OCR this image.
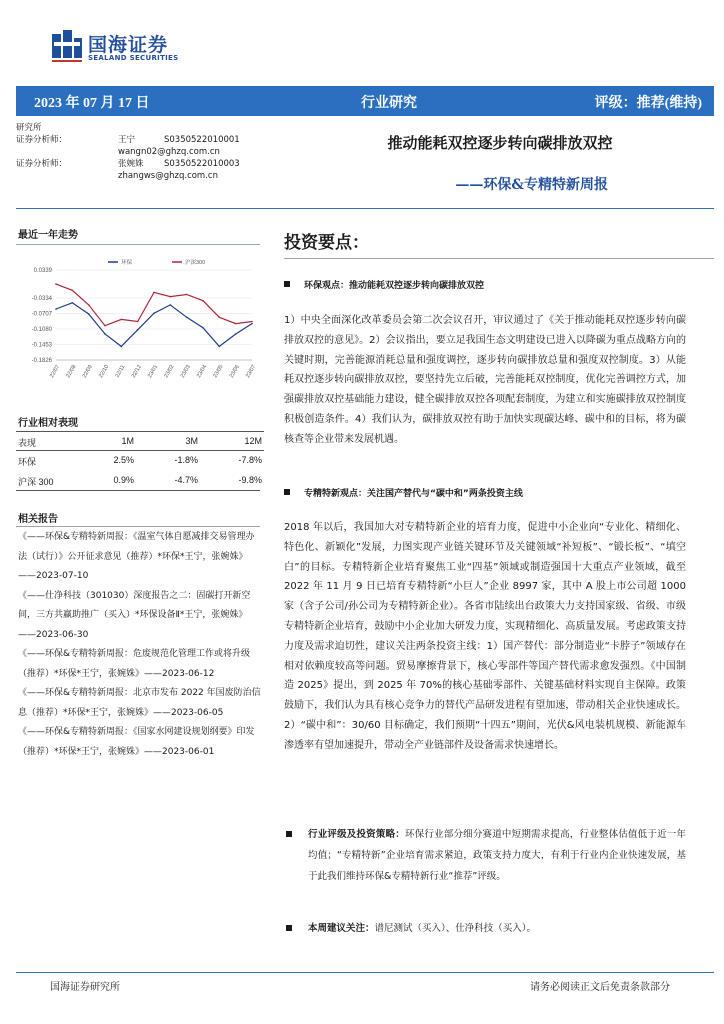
国海证券
SEALAND SECURITIES
2023 年 07 月 17 日	行业研究	评级：推荐(维持)
研究所
证券分析师：	王宁	S0350522010001
wangn02@ghzq.com.cn
证券分析师：	张婉姝 S0350522010003
zhangws@ghzq.com.cn
推动能耗双控逐步转向碳排放双控
——环保&专精特新周报
最近一年走势
0.0339
-0.0334
-0.0707
-0.1080
-0.1453
-0.1826
22/07 22/08 22/09 22/10 22/11 22/12 23/01 23/02 23/03 23/04 23/05 23/06 23/07
环保	沪深300
行业相对表现
表现	1M	3M	12M
环保	2.5%	-1.8%	-7.8%
沪深 300	0.9%	-4.7%	-9.8%
相关报告
《——环保&专精特新周报：《温室气体自愿减排交易管理办法（试行）》公开征求意见（推荐）*环保*王宁，张婉姝》——2023-07-10
《——仕净科技（301030）深度报告之二：固碳打开新空间，三方共赢助推广（买入）*环保设备Ⅱ*王宁，张婉姝》——2023-06-30
《——环保&专精特新周报：危废规范化管理工作或将升级（推荐）*环保*王宁，张婉姝》——2023-06-12
《——环保&专精特新周报：北京市发布 2022 年国废防治信息（推荐）*环保*王宁，张婉姝》——2023-06-05
《——环保&专精特新周报：《国家水网建设规划纲要》印发（推荐）*环保*王宁，张婉姝》——2023-06-01
投资要点：
环保观点：推动能耗双控逐步转向碳排放双控
1）中央全面深化改革委员会第二次会议召开，审议通过了《关于推动能耗双控逐步转向碳排放双控的意见》。2）会议指出，要立足我国生态文明建设已进入以降碳为重点战略方向的关键时期，完善能源消耗总量和强度调控，逐步转向碳排放总量和强度双控制度。3）从能耗双控逐步转向碳排放双控，要坚持先立后破，完善能耗双控制度，优化完善调控方式，加强碳排放双控基础能力建设，健全碳排放双控各项配套制度，为建立和实施碳排放双控制度积极创造条件。4）我们认为，碳排放双控有助于加快实现碳达峰、碳中和的目标，将为碳核查等企业带来发展机遇。
专精特新观点：关注国产替代与“碳中和”两条投资主线
2018 年以后，我国加大对专精特新企业的培育力度，促进中小企业向“专业化、精细化、特色化、新颖化”发展，力图实现产业链关键环节及关键领域“补短板”、“锻长板”、“填空白”的目标。专精特新企业培育聚焦工业“四基”领域或制造强国十大重点产业领域，截至 2022 年 11 月 9 日已培育专精特新“小巨人”企业 8997 家，其中 A 股上市公司超 1000 家（含子公司/孙公司为专精特新企业）。各省市陆续出台政策大力支持国家级、省级、市级专精特新企业培育，鼓励中小企业加大研发力度，实现精细化、高质量发展。考虑政策支持力度及需求迫切性，建议关注两条投资主线：1）国产替代：部分制造业“卡脖子”领域存在相对依赖度较高等问题。贸易摩擦背景下，核心零部件等国产替代需求愈发强烈。《中国制造 2025》提出，到 2025 年 70%的核心基础零部件、关键基础材料实现自主保障。政策鼓励下，我们认为具有核心竞争力的替代产品研发进程有望加速，带动相关企业快速成长。2）“碳中和”：30/60 目标确定，我们预期“十四五”期间，光伏&风电装机规模、新能源车渗透率有望加速提升，带动全产业链部件及设备需求快速增长。
行业评级及投资策略：环保行业部分细分赛道中短期需求提高，行业整体估值低于近一年均值；“专精特新”企业培育需求紧迫，政策支持力度大，有利于行业内企业快速发展，基于此我们维持环保&专精特新行业“推荐”评级。
本周建议关注：谱尼测试（买入）、仕净科技（买入）。
国海证券研究所	请务必阅读正文后免责条款部分
